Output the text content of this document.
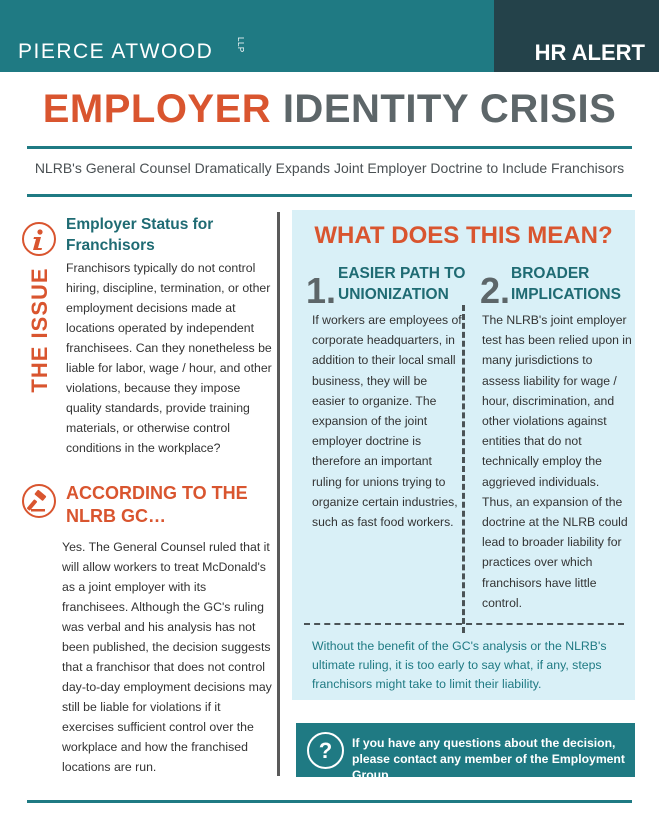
PIERCE ATWOOD	LLP	HR ALERT
EMPLOYER IDENTITY CRISIS
NLRB's General Counsel Dramatically Expands Joint Employer Doctrine to Include Franchisors
Employer Status for Franchisors
THE ISSUE Franchisors typically do not control hiring, discipline, termination, or other employment decisions made at locations operated by independent franchisees. Can they nonetheless be liable for labor, wage / hour, and other violations, because they impose quality standards, provide training materials, or otherwise control conditions in the workplace?
ACCORDING TO THE NLRB GC…
Yes. The General Counsel ruled that it will allow workers to treat McDonald's as a joint employer with its franchisees. Although the GC's ruling was verbal and his analysis has not been published, the decision suggests that a franchisor that does not control day-to-day employment decisions may still be liable for violations if it exercises sufficient control over the workplace and how the franchised locations are run.
WHAT DOES THIS MEAN?
1. EASIER PATH TO UNIONIZATION
If workers are employees of corporate headquarters, in addition to their local small business, they will be easier to organize. The expansion of the joint employer doctrine is therefore an important ruling for unions trying to organize certain industries, such as fast food workers.
2. BROADER IMPLICATIONS
The NLRB's joint employer test has been relied upon in many jurisdictions to assess liability for wage / hour, discrimination, and other violations against entities that do not technically employ the aggrieved individuals. Thus, an expansion of the doctrine at the NLRB could lead to broader liability for practices over which franchisors have little control.
Without the benefit of the GC's analysis or the NLRB's ultimate ruling, it is too early to say what, if any, steps franchisors might take to limit their liability.
?	If you have any questions about the decision, please contact any member of the Employment Group.
